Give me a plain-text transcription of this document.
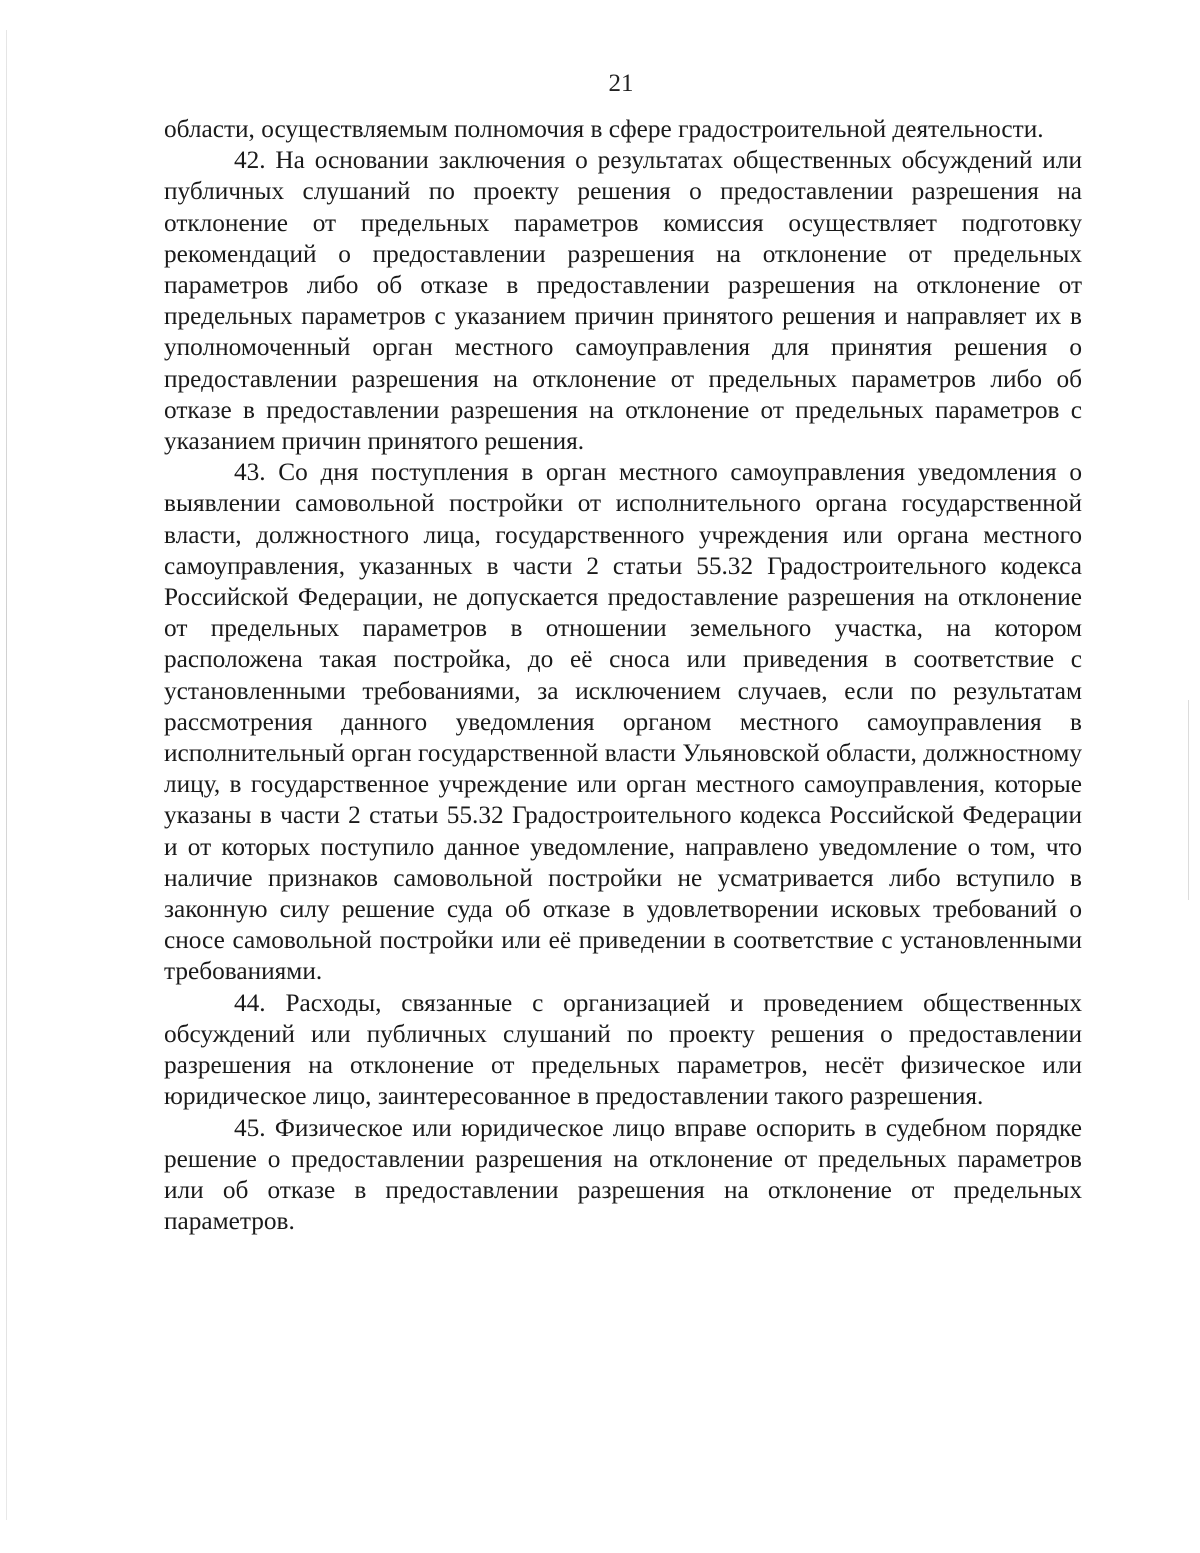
21

области, осуществляемым полномочия в сфере градостроительной деятельности.

42. На основании заключения о результатах общественных обсуждений или публичных слушаний по проекту решения о предоставлении разрешения на отклонение от предельных параметров комиссия осуществляет подготовку рекомендаций о предоставлении разрешения на отклонение от предельных параметров либо об отказе в предоставлении разрешения на отклонение от предельных параметров с указанием причин принятого решения и направляет их в уполномоченный орган местного самоуправления для принятия решения о предоставлении разрешения на отклонение от предельных параметров либо об отказе в предоставлении разрешения на отклонение от предельных параметров с указанием причин принятого решения.

43. Со дня поступления в орган местного самоуправления уведомления о выявлении самовольной постройки от исполнительного органа государственной власти, должностного лица, государственного учреждения или органа местного самоуправления, указанных в части 2 статьи 55.32 Градостроительного кодекса Российской Федерации, не допускается предоставление разрешения на отклонение от предельных параметров в отношении земельного участка, на котором расположена такая постройка, до её сноса или приведения в соответствие с установленными требованиями, за исключением случаев, если по результатам рассмотрения данного уведомления органом местного самоуправления в исполнительный орган государственной власти Ульяновской области, должностному лицу, в государственное учреждение или орган местного самоуправления, которые указаны в части 2 статьи 55.32 Градостроительного кодекса Российской Федерации и от которых поступило данное уведомление, направлено уведомление о том, что наличие признаков самовольной постройки не усматривается либо вступило в законную силу решение суда об отказе в удовлетворении исковых требований о сносе самовольной постройки или её приведении в соответствие с установленными требованиями.

44. Расходы, связанные с организацией и проведением общественных обсуждений или публичных слушаний по проекту решения о предоставлении разрешения на отклонение от предельных параметров, несёт физическое или юридическое лицо, заинтересованное в предоставлении такого разрешения.

45. Физическое или юридическое лицо вправе оспорить в судебном порядке решение о предоставлении разрешения на отклонение от предельных параметров или об отказе в предоставлении разрешения на отклонение от предельных параметров.
